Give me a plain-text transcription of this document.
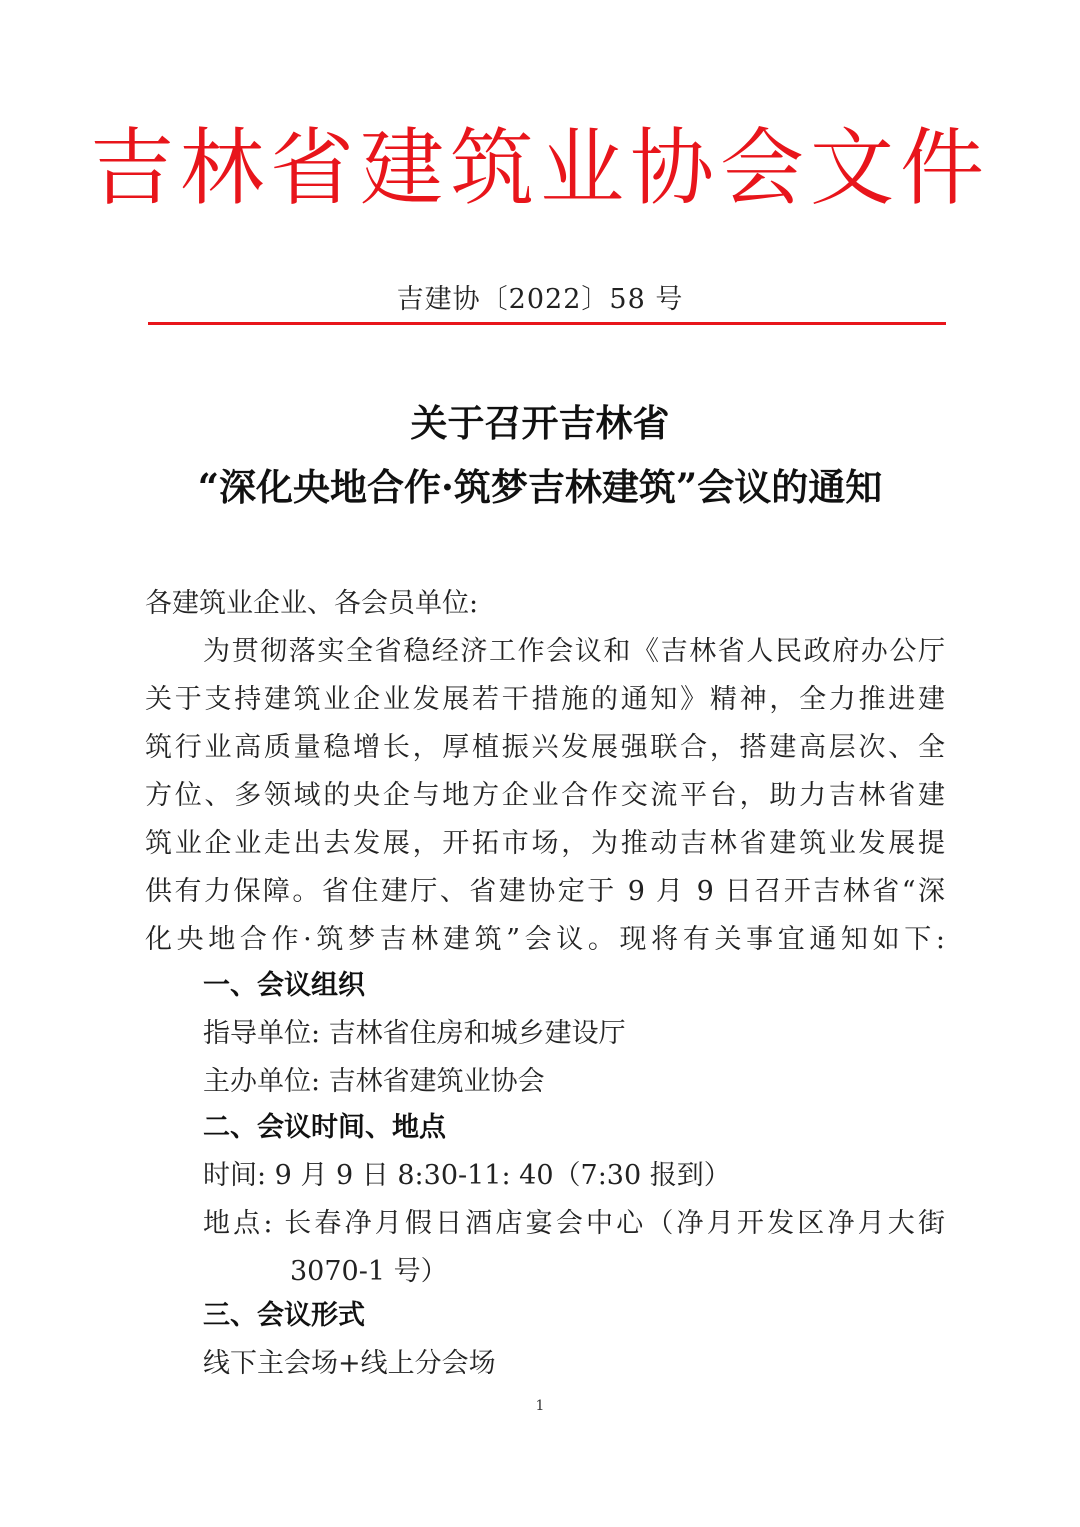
吉林省建筑业协会文件
吉建协〔2022〕58 号
关于召开吉林省
“深化央地合作·筑梦吉林建筑”会议的通知
各建筑业企业、各会员单位:
为贯彻落实全省稳经济工作会议和《吉林省人民政府办公厅
关于支持建筑业企业发展若干措施的通知》精神，全力推进建
筑行业高质量稳增长，厚植振兴发展强联合，搭建高层次、全
方位、多领域的央企与地方企业合作交流平台，助力吉林省建
筑业企业走出去发展，开拓市场，为推动吉林省建筑业发展提
供有力保障。省住建厅、省建协定于 9 月 9 日召开吉林省“深
化央地合作·筑梦吉林建筑”会议。现将有关事宜通知如下:
一、会议组织
指导单位: 吉林省住房和城乡建设厅
主办单位: 吉林省建筑业协会
二、会议时间、地点
时间: 9 月 9 日 8:30-11: 40（7:30 报到）
地点: 长春净月假日酒店宴会中心（净月开发区净月大街
3070-1 号）
三、会议形式
线下主会场+线上分会场
1
